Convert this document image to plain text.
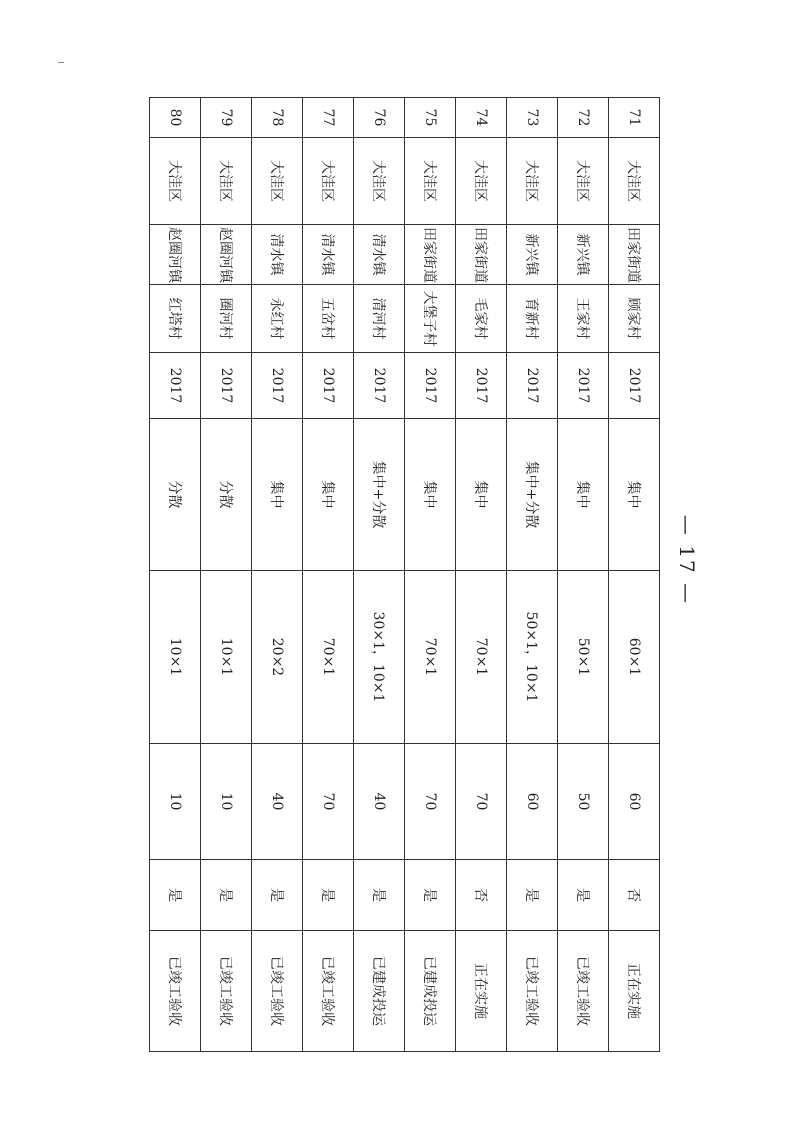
71	大洼区	田家街道	顾家村	2017	集中	60×1	60	否	正在实施
72	大洼区	新兴镇	王家村	2017	集中	50×1	50	是	已竣工验收
73	大洼区	新兴镇	育新村	2017	集中+分散	50×1，10×1	60	是	已竣工验收
74	大洼区	田家街道	毛家村	2017	集中	70×1	70	否	正在实施
75	大洼区	田家街道	大堡子村	2017	集中	70×1	70	是	已建成投运
76	大洼区	清水镇	清河村	2017	集中+分散	30×1，10×1	40	是	已建成投运
77	大洼区	清水镇	五岔村	2017	集中	70×1	70	是	已竣工验收
78	大洼区	清水镇	永红村	2017	集中	20×2	40	是	已竣工验收
79	大洼区	赵圈河镇	圈河村	2017	分散	10×1	10	是	已竣工验收
80	大洼区	赵圈河镇	红塔村	2017	分散	10×1	10	是	已竣工验收
— 17 —
